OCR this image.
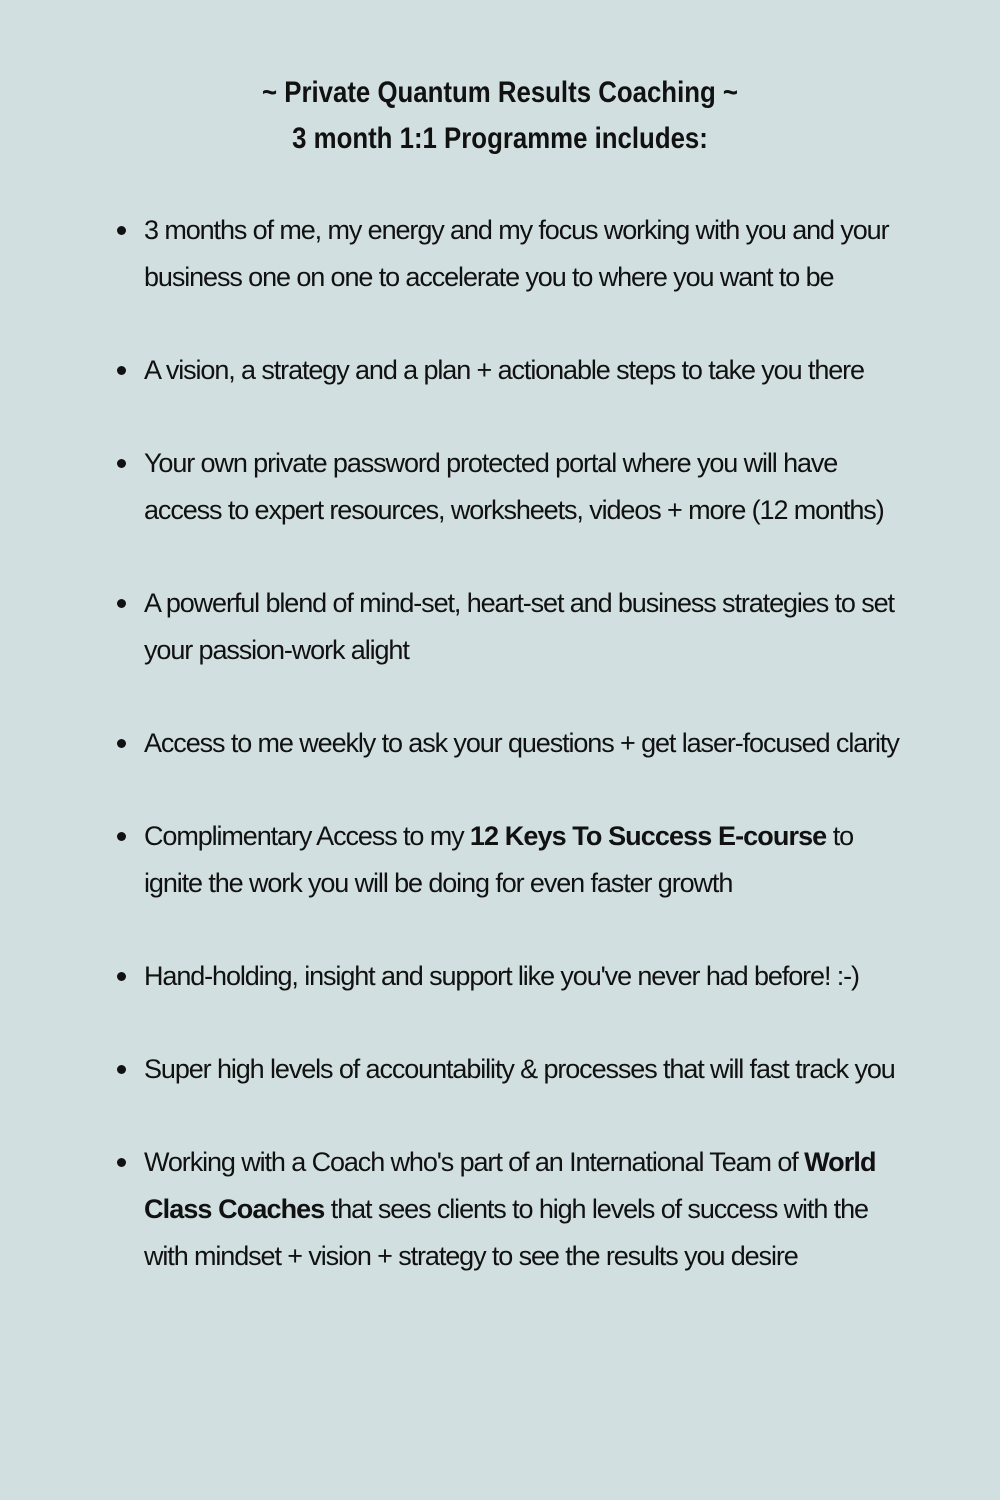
~ Private Quantum Results Coaching ~
3 month 1:1 Programme includes:
3 months of me, my energy and my focus working with you and your
business one on one to accelerate you to where you want to be
A vision, a strategy and a plan + actionable steps to take you there
Your own private password protected portal where you will have
access to expert resources, worksheets, videos + more (12 months)
A powerful blend of mind-set, heart-set and business strategies to set
your passion-work alight
Access to me weekly to ask your questions + get laser-focused clarity
Complimentary Access to my 12 Keys To Success E-course to
ignite the work you will be doing for even faster growth
Hand-holding, insight and support like you've never had before! :-)
Super high levels of accountability & processes that will fast track you
Working with a Coach who's part of an International Team of World
Class Coaches that sees clients to high levels of success with the
with mindset + vision + strategy to see the results you desire
